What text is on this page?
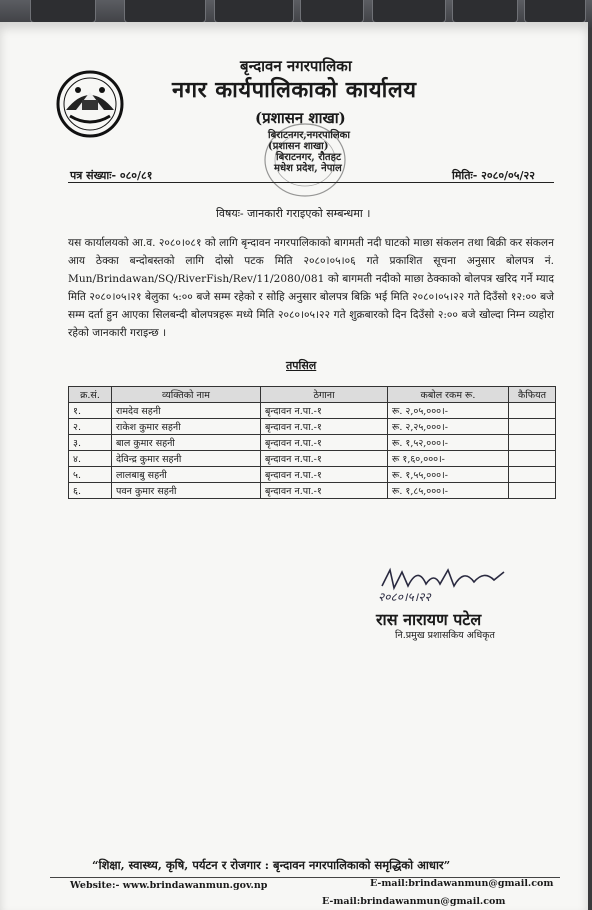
बृन्दावन नगरपालिका
नगर कार्यपालिकाको कार्यालय
(प्रशासन शाखा)
बिराटनगर,नगरपालिका
(प्रशासन शाखा)
बिराटनगर, रौतहट
मधेश प्रदेश, नेपाल
पत्र संख्याः- ०८०/८१	मितिः- २०८०/०५/२२
विषयः- जानकारी गराइएको सम्बन्धमा ।
यस कार्यालयको आ.व. २०८०।०८१ को लागि बृन्दावन नगरपालिकाको बागमती नदी घाटको माछा संकलन तथा बिक्री कर संकलन आय ठेक्का बन्दोबस्तको लागि दोस्रो पटक मिति २०८०।०५।०६ गते प्रकाशित सूचना अनुसार बोलपत्र नं. Mun/Brindawan/SQ/RiverFish/Rev/11/2080/081 को बागमती नदीको माछा ठेक्काको बोलपत्र खरिद गर्ने म्याद मिति २०८०।०५।२१ बेलुका ५:०० बजे सम्म रहेको र सोहि अनुसार बोलपत्र बिक्रि भई मिति २०८०।०५।२२ गते दिउँसो १२:०० बजे सम्म दर्ता हुन आएका सिलबन्दी बोलपत्रहरू मध्ये मिति २०८०।०५।२२ गते शुक्रबारको दिन दिउँसो २:०० बजे खोल्दा निम्न व्यहोरा रहेको जानकारी गराइन्छ ।
तपसिल
क्र.सं.	व्यक्तिको नाम	ठेगाना	कबोल रकम रू.	कैफियत
१.	रामदेव सहनी	बृन्दावन न.पा.-१	रू. २,०५,०००।-	
२.	राकेश कुमार सहनी	बृन्दावन न.पा.-१	रू. २,२५,०००।-	
३.	बाल कुमार सहनी	बृन्दावन न.पा.-१	रू. १,५२,०००।-	
४.	देविन्द्र कुमार सहनी	बृन्दावन न.पा.-१	रू १,६०,०००।-	
५.	लालबाबु सहनी	बृन्दावन न.पा.-१	रू. १,५५,०००।-	
६.	पवन कुमार सहनी	बृन्दावन न.पा.-१	रू. १,८५,०००।-	
२०८०।५।२२
रास नारायण पटेल
नि.प्रमुख प्रशासकिय अधिकृत
“शिक्षा, स्वास्थ्य, कृषि, पर्यटन र रोजगार : बृन्दावन नगरपालिकाको समृद्धिको आधार”
Website:- www.brindawanmun.gov.np	E-mail:brindawanmun@gmail.com
E-mail:brindawanmun@gmail.com
